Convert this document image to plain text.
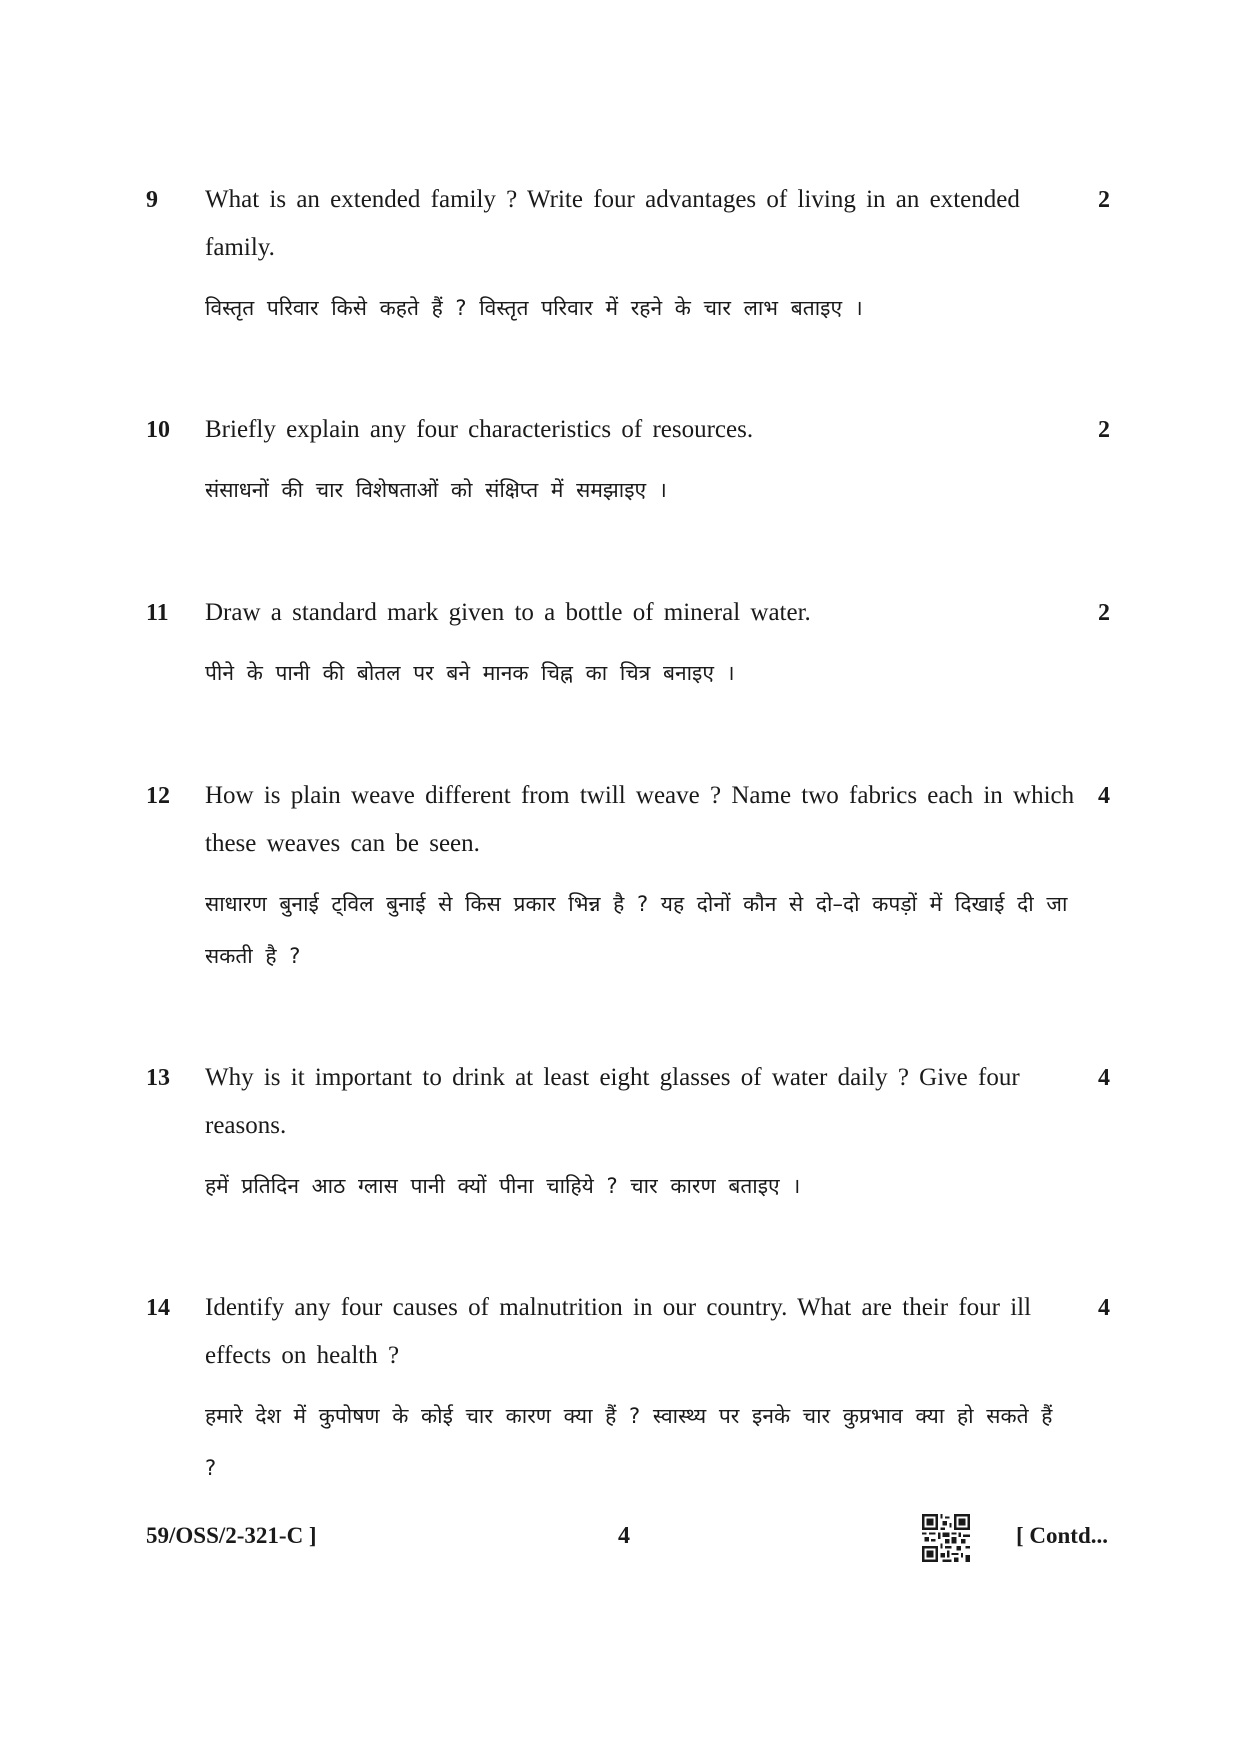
9 What is an extended family ? Write four advantages of living in an extended family.

विस्तृत परिवार किसे कहते हैं ? विस्तृत परिवार में रहने के चार लाभ बताइए ।

2
10 Briefly explain any four characteristics of resources.

संसाधनों की चार विशेषताओं को संक्षिप्त में समझाइए ।

2
11 Draw a standard mark given to a bottle of mineral water.

पीने के पानी की बोतल पर बने मानक चिह्न का चित्र बनाइए ।

2
12 How is plain weave different from twill weave ? Name two fabrics each in which these weaves can be seen.

साधारण बुनाई ट्विल बुनाई से किस प्रकार भिन्न है ? यह दोनों कौन से दो–दो कपड़ों में दिखाई दी जा सकती है ?

4
13 Why is it important to drink at least eight glasses of water daily ? Give four reasons.

हमें प्रतिदिन आठ ग्लास पानी क्यों पीना चाहिये ? चार कारण बताइए ।

4
14 Identify any four causes of malnutrition in our country. What are their four ill effects on health ?

हमारे देश में कुपोषण के कोई चार कारण क्या हैं ? स्वास्थ्य पर इनके चार कुप्रभाव क्या हो सकते हैं ?

4
59/OSS/2-321-C ]	4	[ Contd...
